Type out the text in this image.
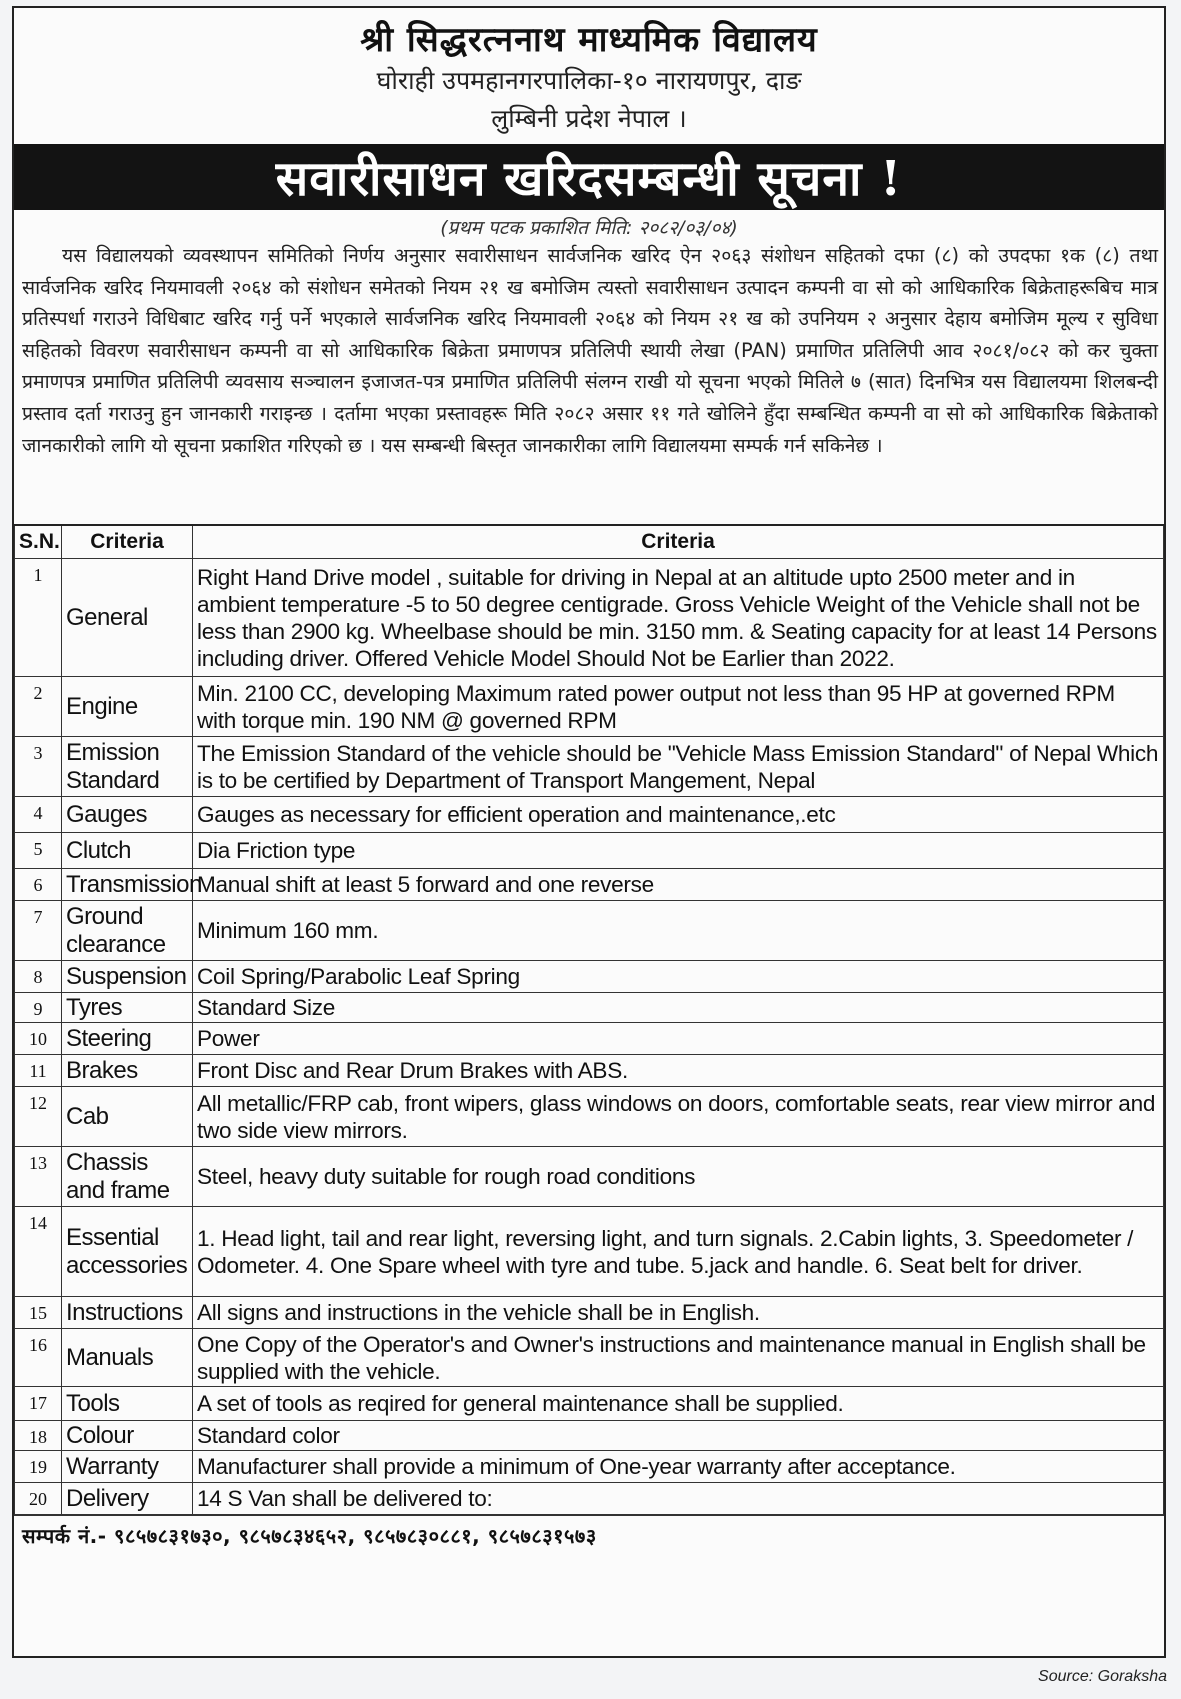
श्री सिद्धरत्ननाथ माध्यमिक विद्यालय
घोराही उपमहानगरपालिका-१० नारायणपुर, दाङ
लुम्बिनी प्रदेश नेपाल ।
सवारीसाधन खरिदसम्बन्धी सूचना !
(प्रथम पटक प्रकाशित मिति: २०८२/०३/०४)
यस विद्यालयको व्यवस्थापन समितिको निर्णय अनुसार सवारीसाधन सार्वजनिक खरिद ऐन २०६३ संशोधन सहितको दफा (८) को उपदफा १क (८) तथा सार्वजनिक खरिद नियमावली २०६४ को संशोधन समेतको नियम २१ ख बमोजिम त्यस्तो सवारीसाधन उत्पादन कम्पनी वा सो को आधिकारिक बिक्रेताहरूबिच मात्र प्रतिस्पर्धा गराउने विधिबाट खरिद गर्नु पर्ने भएकाले सार्वजनिक खरिद नियमावली २०६४ को नियम २१ ख को उपनियम २ अनुसार देहाय बमोजिम मूल्य र सुविधा सहितको विवरण सवारीसाधन कम्पनी वा सो आधिकारिक बिक्रेता प्रमाणपत्र प्रतिलिपी स्थायी लेखा (PAN) प्रमाणित प्रतिलिपी आव २०८१/०८२ को कर चुक्ता प्रमाणपत्र प्रमाणित प्रतिलिपी व्यवसाय सञ्चालन इजाजत-पत्र प्रमाणित प्रतिलिपी संलग्न राखी यो सूचना भएको मितिले ७ (सात) दिनभित्र यस विद्यालयमा शिलबन्दी प्रस्ताव दर्ता गराउनु हुन जानकारी गराइन्छ । दर्तामा भएका प्रस्तावहरू मिति २०८२ असार ११ गते खोलिने हुँदा सम्बन्धित कम्पनी वा सो को आधिकारिक बिक्रेताको जानकारीको लागि यो सूचना प्रकाशित गरिएको छ । यस सम्बन्धी बिस्तृत जानकारीका लागि विद्यालयमा सम्पर्क गर्न सकिनेछ ।
S.N.	Criteria	Criteria
1	General	Right Hand Drive model , suitable for driving in Nepal at an altitude upto 2500 meter and in ambient temperature -5 to 50 degree centigrade. Gross Vehicle Weight of the Vehicle shall not be less than 2900 kg. Wheelbase should be min. 3150 mm. & Seating capacity for at least 14 Persons including driver. Offered Vehicle Model Should Not be Earlier than 2022.
2	Engine	Min. 2100 CC, developing Maximum rated power output not less than 95 HP at governed RPM with torque min. 190 NM @ governed RPM
3	Emission Standard	The Emission Standard of the vehicle should be "Vehicle Mass Emission Standard" of Nepal Which is to be certified by Department of Transport Mangement, Nepal
4	Gauges	Gauges as necessary for efficient operation and maintenance,.etc
5	Clutch	Dia Friction type
6	Transmission	Manual shift at least 5 forward and one reverse
7	Ground clearance	Minimum 160 mm.
8	Suspension	Coil Spring/Parabolic Leaf Spring
9	Tyres	Standard Size
10	Steering	Power
11	Brakes	Front Disc and Rear Drum Brakes with ABS.
12	Cab	All metallic/FRP cab, front wipers, glass windows on doors, comfortable seats, rear view mirror and two side view mirrors.
13	Chassis and frame	Steel, heavy duty suitable for rough road conditions
14	Essential accessories	1. Head light, tail and rear light, reversing light, and turn signals. 2.Cabin lights, 3. Speedometer / Odometer. 4. One Spare wheel with tyre and tube. 5.jack and handle. 6. Seat belt for driver.
15	Instructions	All signs and instructions in the vehicle shall be in English.
16	Manuals	One Copy of the Operator's and Owner's instructions and maintenance manual in English shall be supplied with the vehicle.
17	Tools	A set of tools as reqired for general maintenance shall be supplied.
18	Colour	Standard color
19	Warranty	Manufacturer shall provide a minimum of One-year warranty after acceptance.
20	Delivery	14 S Van shall be delivered to:
सम्पर्क नं.- ९८५७८३१७३०, ९८५७८३४६५२, ९८५७८३०८८१, ९८५७८३१५७३
Source: Goraksha
